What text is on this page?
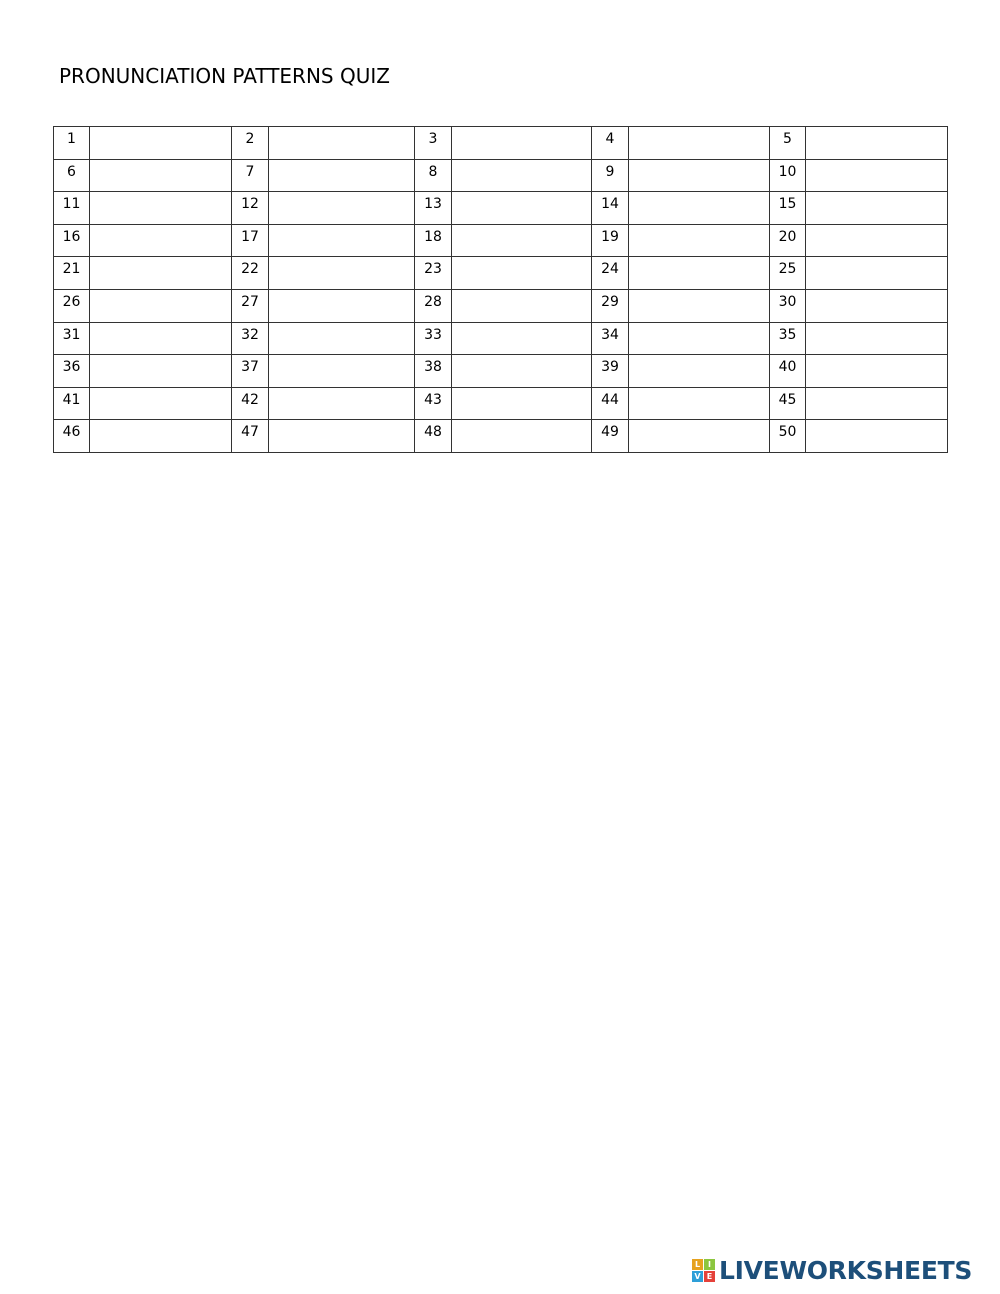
PRONUNCIATION PATTERNS QUIZ
1		2		3		4		5	
6		7		8		9		10	
11		12		13		14		15	
16		17		18		19		20	
21		22		23		24		25	
26		27		28		29		30	
31		32		33		34		35	
36		37		38		39		40	
41		42		43		44		45	
46		47		48		49		50	
L I
V E LIVEWORKSHEETS
